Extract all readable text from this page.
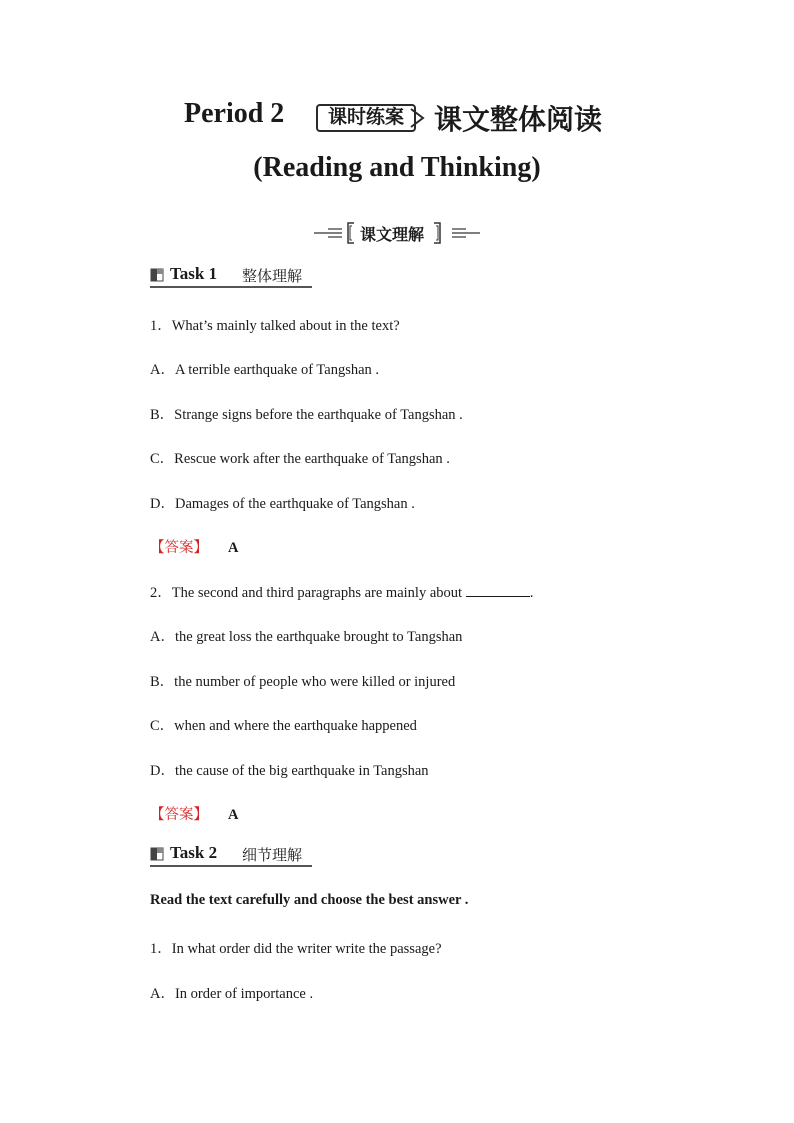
Period 2	课时练案	课文整体阅读
(Reading and Thinking)
课文理解
Task 1 整体理解
1．What’s mainly talked about in the text?
A．A terrible earthquake of Tangshan .
B．Strange signs before the earthquake of Tangshan .
C．Rescue work after the earthquake of Tangshan .
D．Damages of the earthquake of Tangshan .
【答案】 A
2．The second and third paragraphs are mainly about	.
A．the great loss the earthquake brought to Tangshan
B．the number of people who were killed or injured
C．when and where the earthquake happened
D．the cause of the big earthquake in Tangshan
【答案】 A
Task 2 细节理解
Read the text carefully and choose the best answer .
1．In what order did the writer write the passage?
A．In order of importance .
